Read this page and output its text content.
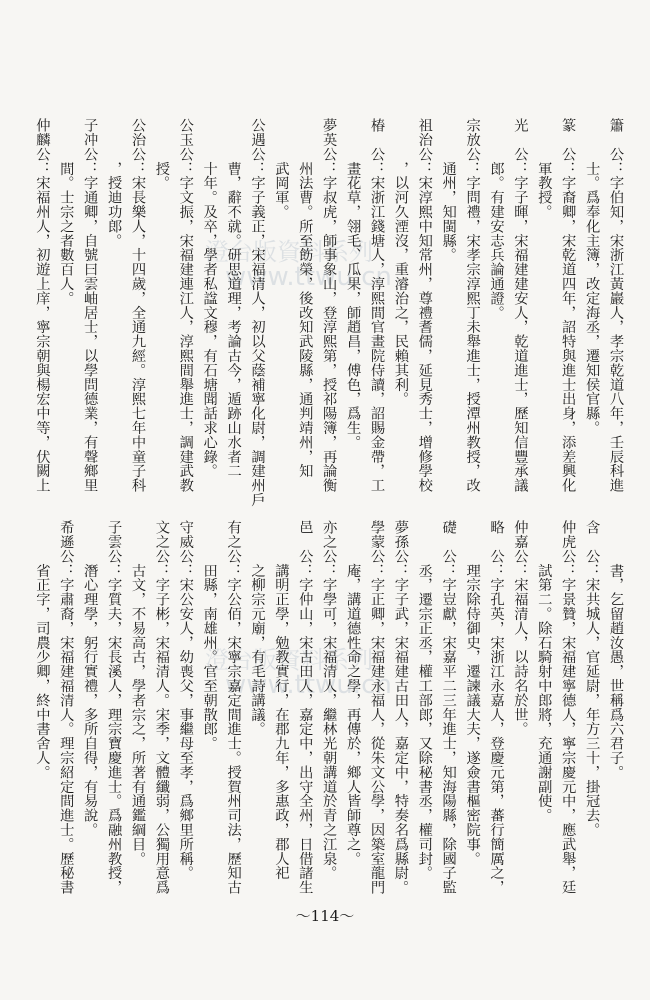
澄台版資料系列
www.ttwu.cn
澄台版資料系列
www.ttwu.cn
簫　公：字伯知，宋浙江黃巖人，孝宗乾道八年，壬辰科進
　　　士。爲奉化主簿，改定海丞，遷知侯官縣。
篆　公：字裔卿，宋乾道四年，詔特與進士出身，添差興化
　　　軍教授。
光　公：字子暉，宋福建建安人，乾道進士，歷知信豐承議
　　　郎。有建安志兵論通證。
宗放公：字問禮，宋孝宗淳熙丁未舉進士，授潭州教授，改
　　　通州，知閩縣。
祖治公：宋淳熙中知常州，尊禮耆儒，延見秀士，增修學校
　　　，以河久湮沒，重濬治之，民賴其利。
椿　公：宋浙江錢塘人，淳熙間官畫院侍讀，詔賜金帶，工
　　　畫花草，翎毛、瓜果，師趙昌，傅色，爲生。
夢英公：字叔虎，師事象山，登淳熙第，授祁陽簿，再論衡
　　　州法曹。所至飭榮，後改知武陵縣，通判靖州，知
　　　武岡軍。
公遇公：字子義正，宋福清人，初以父蔭補寧化尉，調建州戶
　　　曹，辭不就。研思道理，考論古今，遁跡山水者二
　　　十年。及卒，學者私諡文穆，有石塘聞話求心錄。
公玉公：字文振，宋福建連江人，淳熙間舉進士，調建武教
　　　授。
公治公：宋長樂人，十四歲，全通九經。淳熙七年中童子科
　　　，授迪功郎。
子冲公：字通卿，自號曰雲岫居士，以學問德業，有聲鄉里
　　　間。士宗之者數百人。
仲麟公：宋福州人，初遊上庠，寧宗朝與楊宏中等，伏闕上
　　　書，乞留趙汝愚，世稱爲六君子。
含　公：宋共城人，官延尉，年方三十，掛冠去。
仲虎公：字景贊，宋福建寧德人，寧宗慶元中，應武舉，廷
　　　試第二。除石騎射中郎將，充通謝副使。
仲嘉公：宋福清人，以詩名於世。
略　公：字孔英，宋浙江永嘉人，登慶元第，蕃行簡厲之，
　　　理宗除侍御史，遷諫議大夫，遂僉書樞密院事。
礎　公：字豈獻，宋嘉平二三年進士，知海陽縣，除國子監
　　　丞，遷宗正丞，權工部郎，又除秘書丞，權司封。
夢孫公：字子武，宋福建古田人，嘉定中，特奏名爲縣尉。
學蒙公：字正卿，宋福建永福人，從朱文公學，因築室龍門
　　　庵，講道德性命之學，再傳於，鄉人皆師尊之。
亦之公：字學可，宋福清人，繼林光朝講道於青之江泉。
邑　公：字仲山，宋古田人，嘉定中，出守全州，日借諸生
　　　講明正學，勉教實行，在郡九年，多惠政，郡人祀
　　　之柳宗元廟，有毛詩講議。
有之公：字公佰，宋寧宗嘉定間進士。授賀州司法，歷知古
　　　田縣，南雄州。官至朝散郎。
守威公：宋公安人，幼喪父，事繼母至孝，爲鄉里所稱。
文之公：字子彬，宋福清人。宋季，文體纖弱，公獨用意爲
　　　古文，不易高古，學者宗之，所著有通鑑綱目。
子雲公：字質夫，宋長溪人，理宗寶慶進士。爲融州教授，
　　　潛心理學，躬行實禮，多所自得，有易說。
希遜公：字肅裔，宋福建福清人。理宗紹定間進士。歷秘書
　　　省正字，司農少卿，終中書舍人。
～114～
